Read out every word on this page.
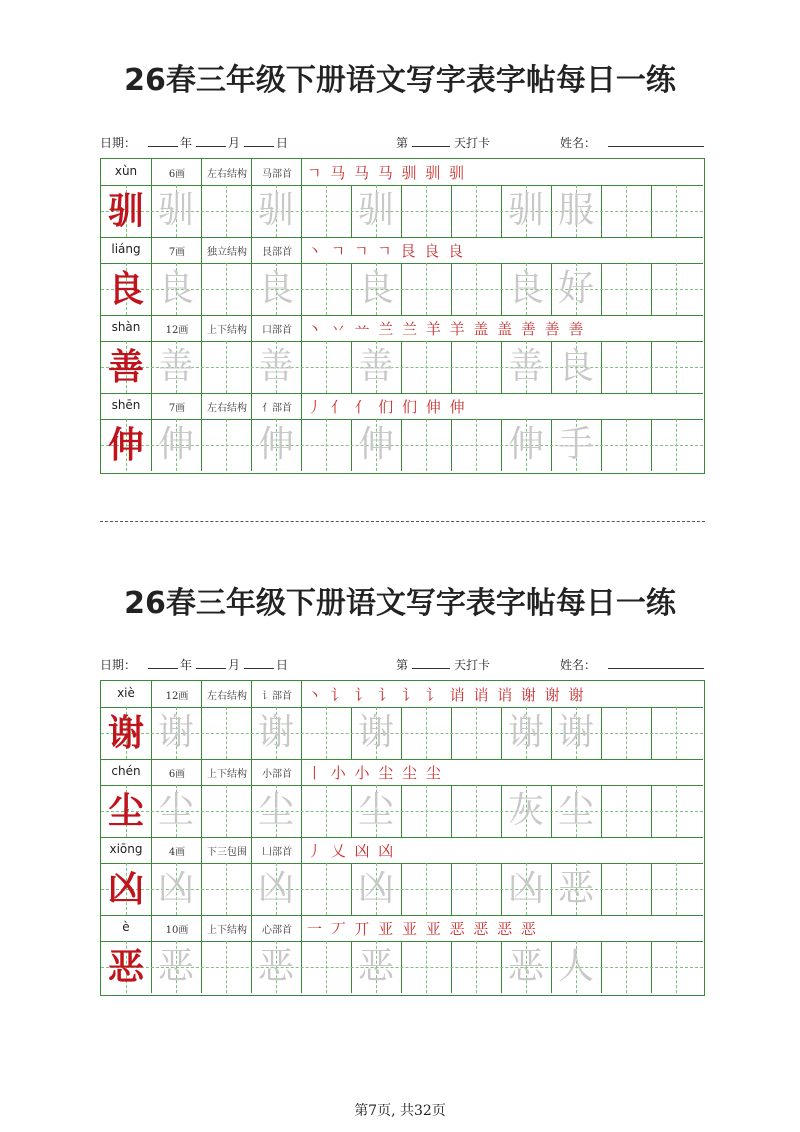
26春三年级下册语文写字表字帖每日一练
日期：	年	月	日	第	天打卡	姓名：
xùn	6画	左右结构	马部首	ㄱ 马 马 马 驯 驯 驯
驯 驯 驯 驯	驯 服
liáng	7画	独立结构	艮部首	丶 ㄱ ㄱ ㄱ 艮 良 良
良 良 良 良	良 好
shàn	12画	上下结构	口部首	丶 丷 䒑 兰 兰 羊 羊 盖 盖 善 善 善
善 善 善 善	善 良
shēn	7画	左右结构	亻部首	丿 亻 亻 们 们 伸 伸
伸 伸 伸 伸	伸 手
26春三年级下册语文写字表字帖每日一练
日期：	年	月	日	第	天打卡	姓名：
xiè	12画	左右结构	讠部首	丶 讠 讠 讠 讠 讠 诮 诮 诮 谢 谢 谢
谢 谢 谢 谢	谢 谢
chén	6画	上下结构	小部首	丨 小 小 尘 尘 尘
尘 尘 尘 尘	灰 尘
xiōng	4画	下三包围	凵部首	丿 乂 凶 凶
凶 凶 凶 凶	凶 恶
è	10画	上下结构	心部首	一 丆 丌 亚 亚 亚 恶 恶 恶 恶
恶 恶 恶 恶	恶 人
第7页, 共32页
